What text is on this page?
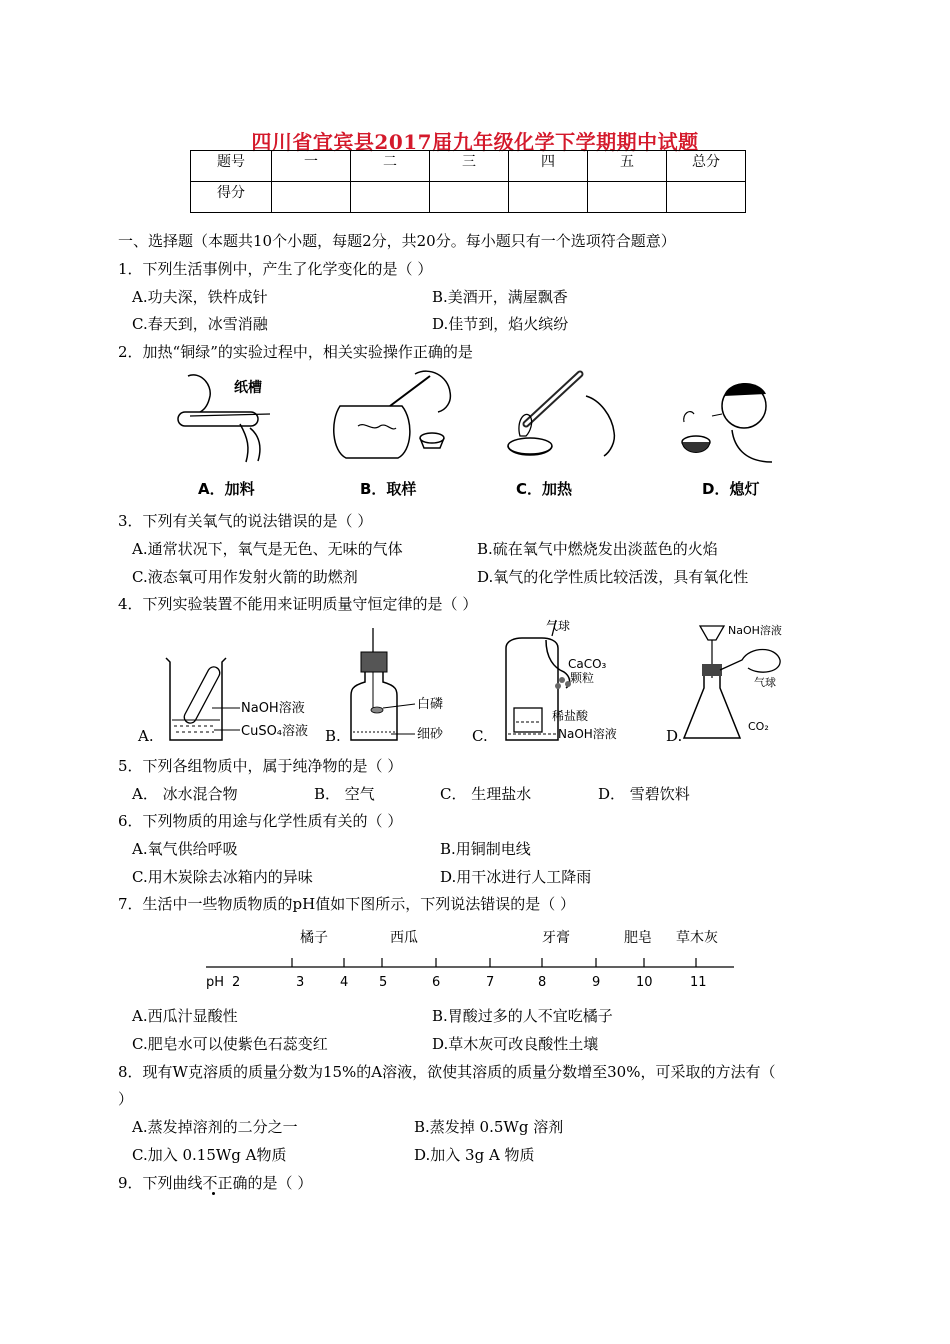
四川省宜宾县2017届九年级化学下学期期中试题
题号	一	二	三	四	五	总分
得分						
一、选择题（本题共10个小题，每题2分，共20分。每小题只有一个选项符合题意）
1．下列生活事例中，产生了化学变化的是（ ）
A.功夫深，铁杵成针	B.美酒开，满屋飘香
C.春天到，冰雪消融	D.佳节到，焰火缤纷
2．加热“铜绿”的实验过程中，相关实验操作正确的是
纸槽
A．加料	B．取样	C．加热	D．熄灯
3．下列有关氧气的说法错误的是（ ）
A.通常状况下，氧气是无色、无味的气体	B.硫在氧气中燃烧发出淡蓝色的火焰
C.液态氧可用作发射火箭的助燃剂	D.氧气的化学性质比较活泼，具有氧化性
4．下列实验装置不能用来证明质量守恒定律的是（ ）
A.
NaOH溶液
CuSO₄溶液 B.
白磷
细砂 C.
气球
CaCO₃
颗粒
稀盐酸
NaOH溶液	D.
NaOH溶液
气球
CO₂
5．下列各组物质中，属于纯净物的是（ ）
A． 冰水混合物	B． 空气	C． 生理盐水	D． 雪碧饮料
6．下列物质的用途与化学性质有关的（ ）
A.氧气供给呼吸	B.用铜制电线
C.用木炭除去冰箱内的异味	D.用干冰进行人工降雨
7．生活中一些物质物质的pH值如下图所示，下列说法错误的是（ ）
橘子	西瓜	牙膏	肥皂 草木灰
pH 2	3	4 5	6	7	8	9	10	11
A.西瓜汁显酸性	B.胃酸过多的人不宜吃橘子
C.肥皂水可以使紫色石蕊变红	D.草木灰可改良酸性土壤
8．现有W克溶质的质量分数为15%的A溶液，欲使其溶质的质量分数增至30%，可采取的方法有（
）
A.蒸发掉溶剂的二分之一	B.蒸发掉 0.5Wg 溶剂
C.加入 0.15Wg A物质	D.加入 3g A 物质
9．下列曲线不正确的是（ ）
